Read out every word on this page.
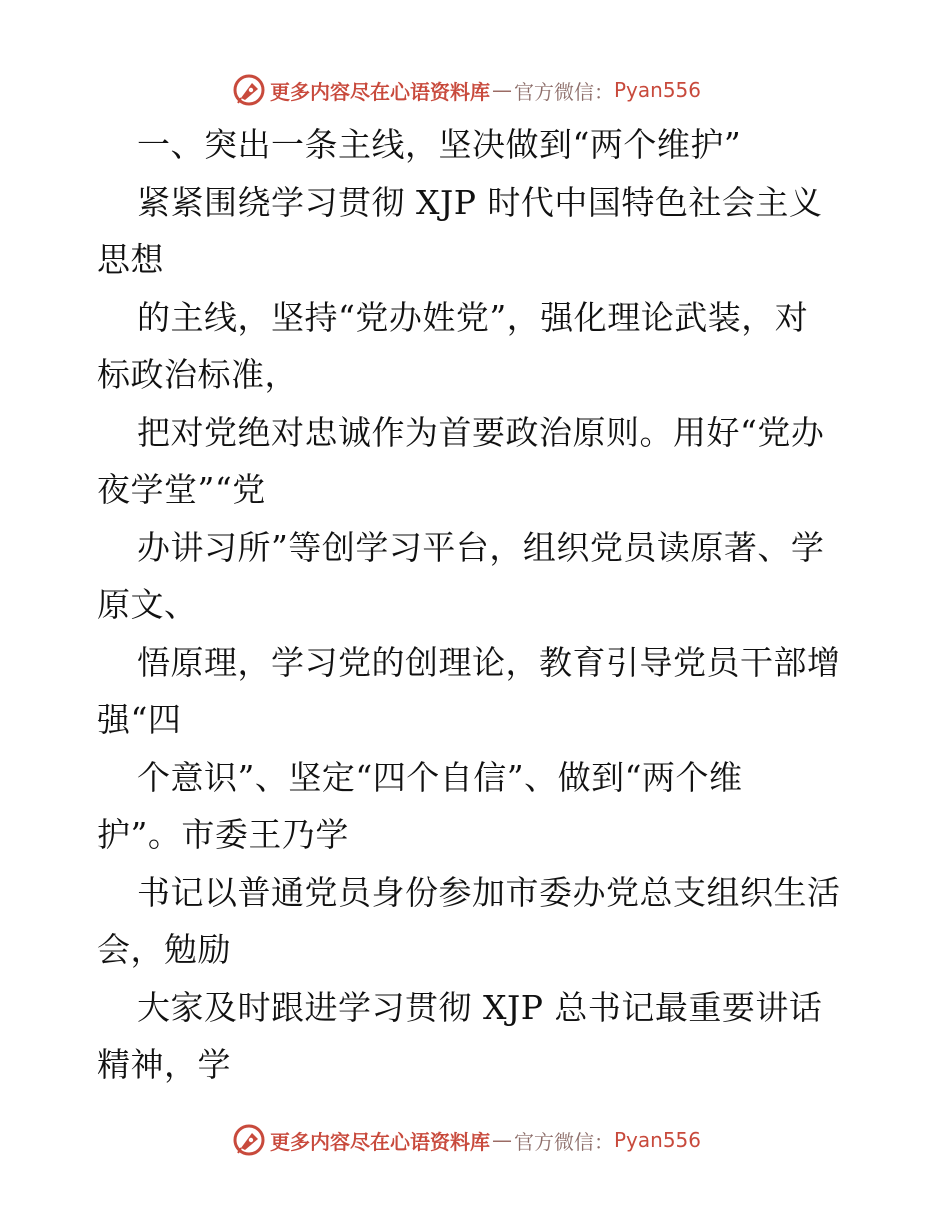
更多内容尽在心语资料库 — 官方微信： Pyan556
一、突出一条主线，坚决做到“两个维护”
紧紧围绕学习贯彻 XJP 时代中国特色社会主义
思想
的主线，坚持“党办姓党”，强化理论武装，对
标政治标准，
把对党绝对忠诚作为首要政治原则。用好“党办
夜学堂”“党
办讲习所”等创学习平台，组织党员读原著、学
原文、
悟原理，学习党的创理论，教育引导党员干部增
强“四
个意识”、坚定“四个自信”、做到“两个维
护”。市委王乃学
书记以普通党员身份参加市委办党总支组织生活
会，勉励
大家及时跟进学习贯彻 XJP 总书记最重要讲话
精神，学
更多内容尽在心语资料库 — 官方微信： Pyan556
